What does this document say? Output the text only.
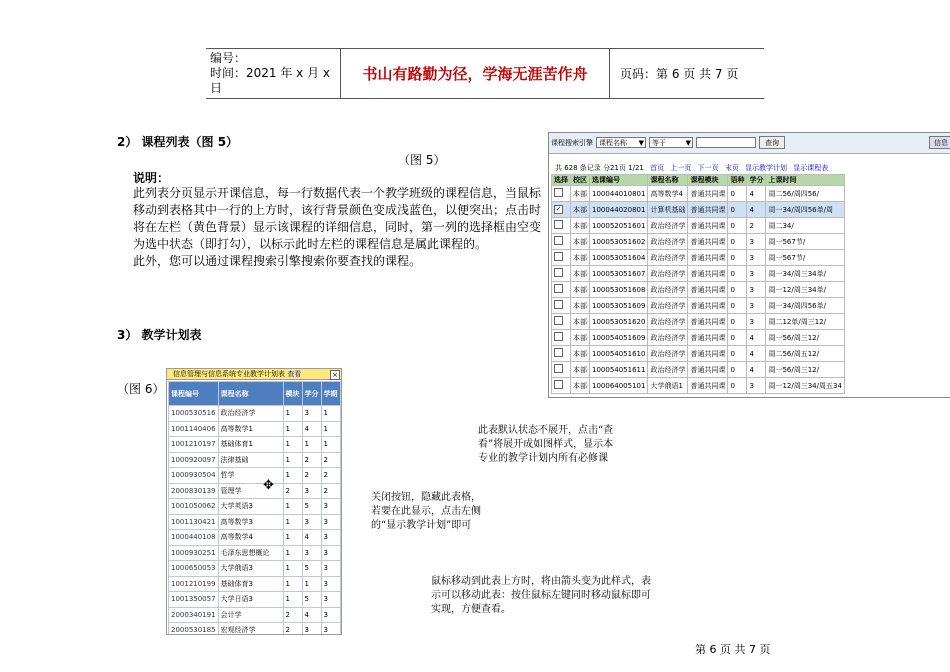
编号：
时间：2021 年 x 月 x 日
书山有路勤为径，学海无涯苦作舟	页码：第 6 页 共 7 页
2） 课程列表（图 5）
（图 5）
说明：
此列表分页显示开课信息，每一行数据代表一个教学班级的课程信息，当鼠标
移动到表格其中一行的上方时，该行背景颜色变成浅蓝色，以便突出；点击时
将在左栏（黄色背景）显示该课程的详细信息，同时，第一列的选择框由空变
为选中状态（即打勾），以标示此时左栏的课程信息是属此课程的。
此外，您可以通过课程搜索引擎搜索你要查找的课程。
课程搜索引擎 课程名称 ▼	等于	▼	查询	信息
共 628 条记录 分21页 1/21 首页 上一页 下一页 末页 显示教学计划 显示课程表
选择	校区	选课编号	课程名称	课程模块	语种	学分	上课时间
	本部	100044010801	高等数学4	普通共同课	0	4	周二56/周四56/
✓	本部	100044020801	计算机基础	普通共同课	0	4	周一34/周四56单/周
	本部	100052051601	政治经济学	普通共同课	0	2	周二34/
	本部	100053051602	政治经济学	普通共同课	0	3	周一567节/
	本部	100053051604	政治经济学	普通共同课	0	3	周一567节/
	本部	100053051607	政治经济学	普通共同课	0	3	周一34/周三34单/
	本部	100053051608	政治经济学	普通共同课	0	3	周一12/周三34单/
	本部	100053051609	政治经济学	普通共同课	0	3	周一34/周四56单/
	本部	100053051620	政治经济学	普通共同课	0	3	周二12单/周三12/
	本部	100054051609	政治经济学	普通共同课	0	4	周一56/周三12/
	本部	100054051610	政治经济学	普通共同课	0	4	周二56/周五12/
	本部	100054051611	政治经济学	普通共同课	0	4	周一56/周三12/
	本部	100064005101	大学俄语1	普通共同课	0	3	周一12/周三34/周五34
3） 教学计划表
（图 6）
信息管理与信息系统专业教学计划表 查看	×
课程编号	课程名称	模块	学分	学期
1000530516	政治经济学	1	3	1
1001140406	高等数学1	1	4	1
1001210197	基础体育1	1	1	1
1000920097	法律基础	1	2	2
1000930504	哲学	1	2	2
2000830139	管理学	2	3	2
1001050062	大学英语3	1	5	3
1001130421	高等数学3	1	3	3
1000440108	高等数学4	1	4	3
1000930251	毛泽东思想概论	1	3	3
1000650053	大学俄语3	1	5	3
1001210199	基础体育3	1	1	3
1001350057	大学日语3	1	5	3
2000340191	会计学	2	4	3
2000530185	宏观经济学	2	3	3
✥
此表默认状态不展开，点击“查
看”将展开成如图样式，显示本
专业的教学计划内所有必修课
关闭按钮，隐藏此表格，
若要在此显示，点击左侧
的“显示教学计划”即可
鼠标移动到此表上方时，将由箭头变为此样式，表
示可以移动此表：按住鼠标左键同时移动鼠标即可
实现，方便查看。
第 6 页 共 7 页
